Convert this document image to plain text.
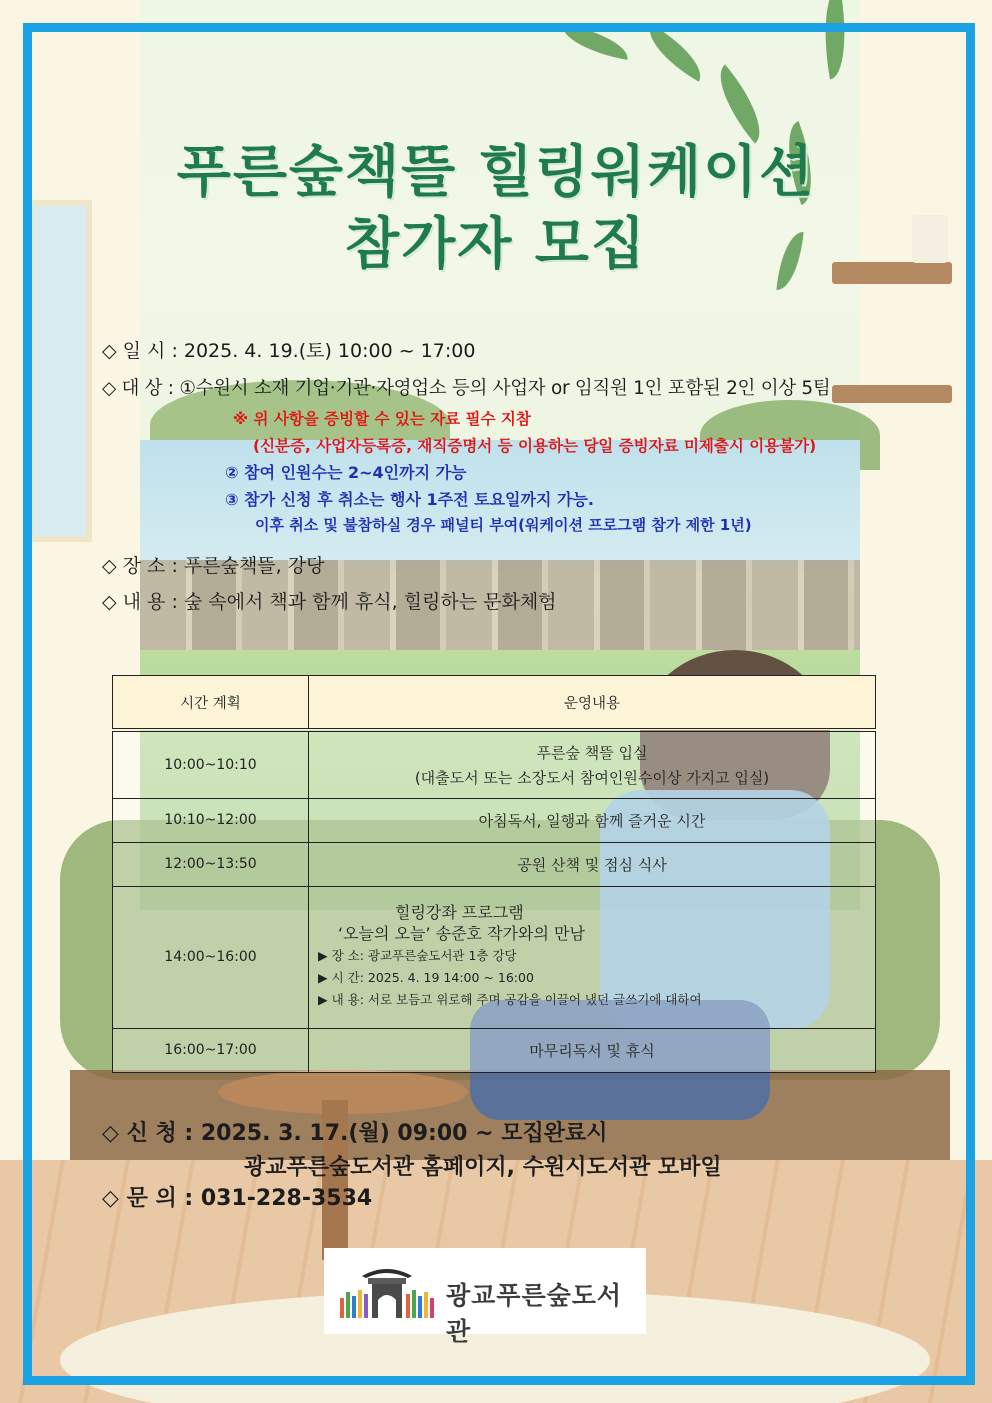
푸른숲책뜰 힐링워케이션
참가자 모집
◇ 일 시 : 2025. 4. 19.(토) 10:00 ~ 17:00
◇ 대 상 : ①수원시 소재 기업·기관·자영업소 등의 사업자 or 임직원 1인 포함된 2인 이상 5팀
※ 위 사항을 증빙할 수 있는 자료 필수 지참
(신분증, 사업자등록증, 재직증명서 등 이용하는 당일 증빙자료 미제출시 이용불가)
② 참여 인원수는 2~4인까지 가능
③ 참가 신청 후 취소는 행사 1주전 토요일까지 가능.
이후 취소 및 불참하실 경우 패널티 부여(워케이션 프로그램 참가 제한 1년)
◇ 장 소 : 푸른숲책뜰, 강당
◇ 내 용 : 숲 속에서 책과 함께 휴식, 힐링하는 문화체험
시간 계획	운영내용
10:00~10:10	푸른숲 책뜰 입실
(대출도서 또는 소장도서 참여인원수이상 가지고 입실)

10:10~12:00	아침독서, 일행과 함께 즐거운 시간
12:00~13:50	공원 산책 및 점심 식사
14:00~16:00	힐링강좌 프로그램
‘오늘의 오늘’ 송준호 작가와의 만남
▶ 장 소: 광교푸른숲도서관 1층 강당
▶ 시 간: 2025. 4. 19 14:00 ~ 16:00
▶ 내 용: 서로 보듬고 위로해 주며 공감을 이끌어 냈던 글쓰기에 대하여

16:00~17:00	마무리독서 및 휴식
◇ 신 청 : 2025. 3. 17.(월) 09:00 ~ 모집완료시
광교푸른숲도서관 홈페이지, 수원시도서관 모바일
◇ 문 의 : 031-228-3534
광교푸른숲도서관
